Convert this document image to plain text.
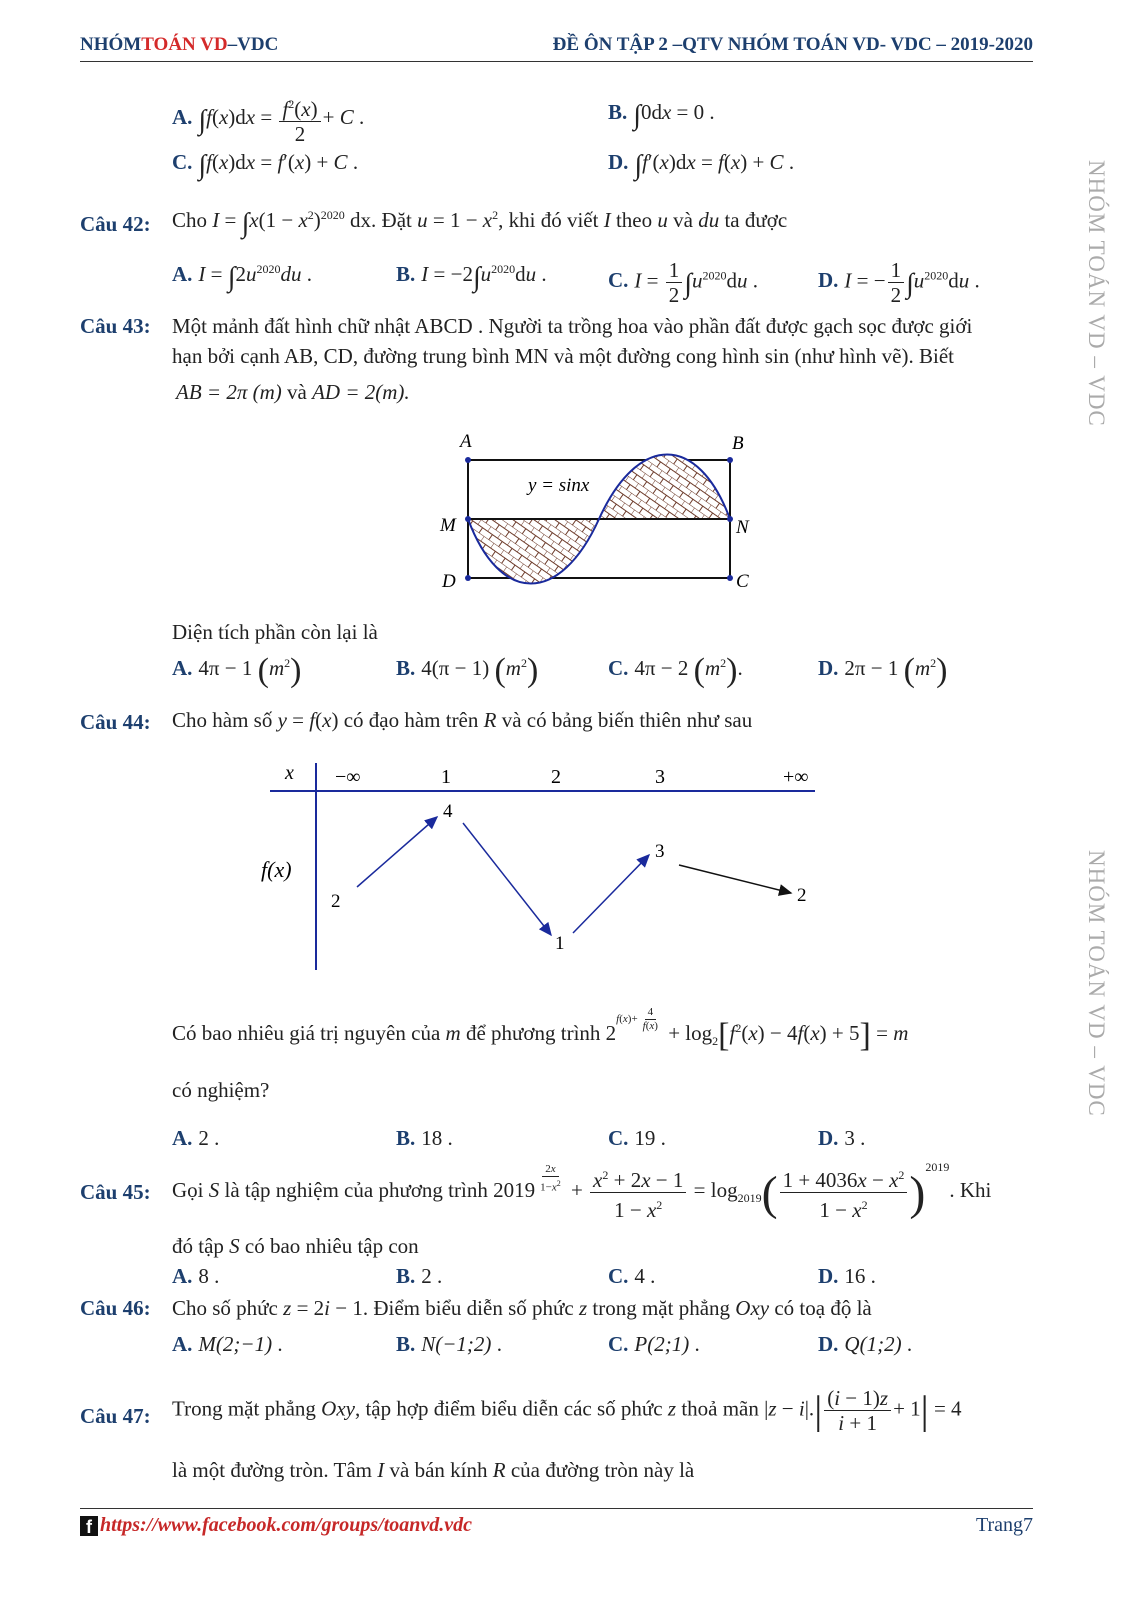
NHÓMTOÁN VD–VDC	ĐỀ ÔN TẬP 2 –QTV NHÓM TOÁN VD- VDC – 2019-2020
NHÓM TOÁN VD – VDC
NHÓM TOÁN VD – VDC
A. $\int f(x)dx = \frac{f^2(x)}{2} + C$ .	B. ∫0dx = 0 .
C. ∫f(x)dx = f′(x) + C .	D. ∫f′(x)dx = f(x) + C .
Câu 42: Cho $I = \int x(1 - x^2)^{2020}$ dx. Đặt $u = 1 - x^2$, khi đó viết I theo u và du ta được
A. $I = \int 2u^{2020}du$ .	B. $I = -2\int u^{2020}du$ .	C. $I = \frac{1}{2} \int u^{2020}du$ .	D. I = − $\frac{1}{2} \int u^{2020}du$ .
Câu 43: Một mảnh đất hình chữ nhật ABCD . Người ta trồng hoa vào phần đất được gạch sọc được giới
hạn bởi cạnh AB, CD, đường trung bình MN và một đường cong hình sin (như hình vẽ). Biết
AB = 2π (m) và AD = 2(m).
A	B
M	N
D	C
y = sinx
Diện tích phần còn lại là
A. 4π − 1 $(m^2)$	B. 4(π − 1) $(m^2)$	C. 4π − 2 $(m^2)$.	D. 2π − 1 $(m^2)$
Câu 44: Cho hàm số y = f(x) có đạo hàm trên R và có bảng biến thiên như sau
x −∞	1	2	3	+∞
f(x)
2
4
1
3
2
Có bao nhiêu giá trị nguyên của m để phương trình $2^{f(x)+ \frac{4}{f(x)}}$
+ $\log_2[f^2(x) - 4f(x) + 5] = m$
có nghiệm?
A. 2 .	B. 18 .	C. 19 .	D. 3 .
Câu 45: Gọi S là tập nghiệm của phương trình 2019 $^{\frac{2x}{1-x^2}} + \frac{x^2 + 2x - 1}{1 - x^2} = \log_{2019}( \frac{1 + 4036x - x^2}{1 - x^2} )^{2019}$. Khi
đó tập S có bao nhiêu tập con
A. 8 .	B. 2 .	C. 4 .	D. 16 .
Câu 46: Cho số phức z = 2i − 1. Điểm biểu diễn số phức z trong mặt phẳng Oxy có toạ độ là
A. M(2;−1) .	B. N(−1;2) .	C. P(2;1) .	D. Q(1;2) .
Câu 47: Trong mặt phẳng Oxy, tập hợp điểm biểu diễn các số phức z thoả mãn $|z - i|.| \frac{(i - 1)z}{i + 1} + 1| = 4$
là một đường tròn. Tâm I và bán kính R của đường tròn này là
f https://www.facebook.com/groups/toanvd.vdc	Trang7
